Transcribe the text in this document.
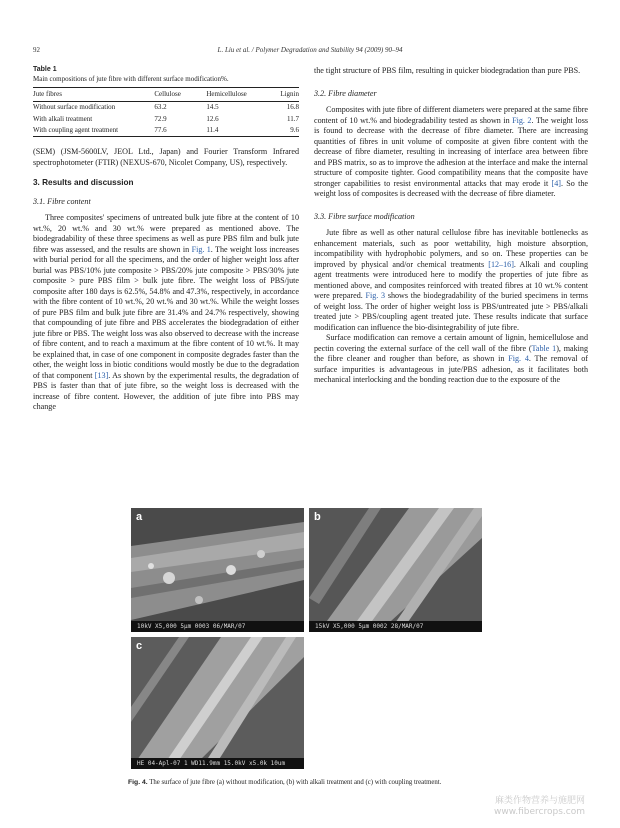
92	L. Liu et al. / Polymer Degradation and Stability 94 (2009) 90–94
Table 1
Main compositions of jute fibre with different surface modification%.
Jute fibres	Cellulose	Hemicellulose	Lignin
Without surface modification	63.2	14.5	16.8
With alkali treatment	72.9	12.6	11.7
With coupling agent treatment	77.6	11.4	9.6

(SEM) (JSM-5600LV, JEOL Ltd., Japan) and Fourier Transform Infrared spectrophotometer (FTIR) (NEXUS-670, Nicolet Company, US), respectively.

3. Results and discussion
3.1. Fibre content

Three composites' specimens of untreated bulk jute fibre at the content of 10 wt.%, 20 wt.% and 30 wt.% were prepared as mentioned above. The biodegradability of these three specimens as well as pure PBS film and bulk jute fibre was assessed, and the results are shown in Fig. 1. The weight loss increases with burial period for all the specimens, and the order of higher weight loss after burial was PBS/10% jute composite > PBS/20% jute composite > PBS/30% jute composite > pure PBS film > bulk jute fibre. The weight loss of PBS/jute composite after 180 days is 62.5%, 54.8% and 47.3%, respectively, in accordance with the fibre content of 10 wt.%, 20 wt.% and 30 wt.%. While the weight losses of pure PBS film and bulk jute fibre are 31.4% and 24.7% respectively, showing that compounding of jute fibre and PBS accelerates the biodegradation of either jute fibre or PBS. The weight loss was also observed to decrease with the increase of fibre content, and to reach a maximum at the fibre content of 10 wt.%. It may be explained that, in case of one component in composite degrades faster than the other, the weight loss in biotic conditions would mostly be due to the degradation of that component [13]. As shown by the experimental results, the degradation of PBS is faster than that of jute fibre, so the weight loss is decreased with the increase of fibre content. However, the addition of jute fibre into PBS may change

the tight structure of PBS film, resulting in quicker biodegradation than pure PBS.

3.2. Fibre diameter

Composites with jute fibre of different diameters were prepared at the same fibre content of 10 wt.% and biodegradability tested as shown in Fig. 2. The weight loss is found to decrease with the decrease of fibre diameter. There are increasing quantities of fibres in unit volume of composite at given fibre content with the decrease of fibre diameter, resulting in increasing of interface area between fibre and PBS matrix, so as to improve the adhesion at the interface and make the internal structure of composite tighter. Good compatibility means that the composite have stronger capabilities to resist environmental attacks that may erode it [4]. So the weight loss of composites is decreased with the decrease of fibre diameter.

3.3. Fibre surface modification

Jute fibre as well as other natural cellulose fibre has inevitable bottlenecks as enhancement materials, such as poor wettability, high moisture absorption, incompatibility with hydrophobic polymers, and so on. These properties can be improved by physical and/or chemical treatments [12–16]. Alkali and coupling agent treatments were introduced here to modify the properties of jute fibre as mentioned above, and composites reinforced with treated fibres at 10 wt.% content were prepared. Fig. 3 shows the biodegradability of the buried specimens in terms of weight loss. The order of higher weight loss is PBS/untreated jute > PBS/alkali treated jute > PBS/coupling agent treated jute. These results indicate that surface modification can influence the bio-disintegrability of jute fibre.

Surface modification can remove a certain amount of lignin, hemicellulose and pectin covering the external surface of the cell wall of the fibre (Table 1), making the fibre cleaner and rougher than before, as shown in Fig. 4. The removal of surface impurities is advantageous in jute/PBS adhesion, as it facilitates both mechanical interlocking and the bonding reaction due to the exposure of the

a
10kV X5,000 5μm 0003 06/MAR/07
b
15kV X5,000 5μm 0002 28/MAR/07
c
HE 04-Apl-07 1 WD11.9mm 15.0kV x5.0k 10um
Fig. 4. The surface of jute fibre (a) without modification, (b) with alkali treatment and (c) with coupling treatment.
麻类作物营养与施肥网
www.fibercrops.com
